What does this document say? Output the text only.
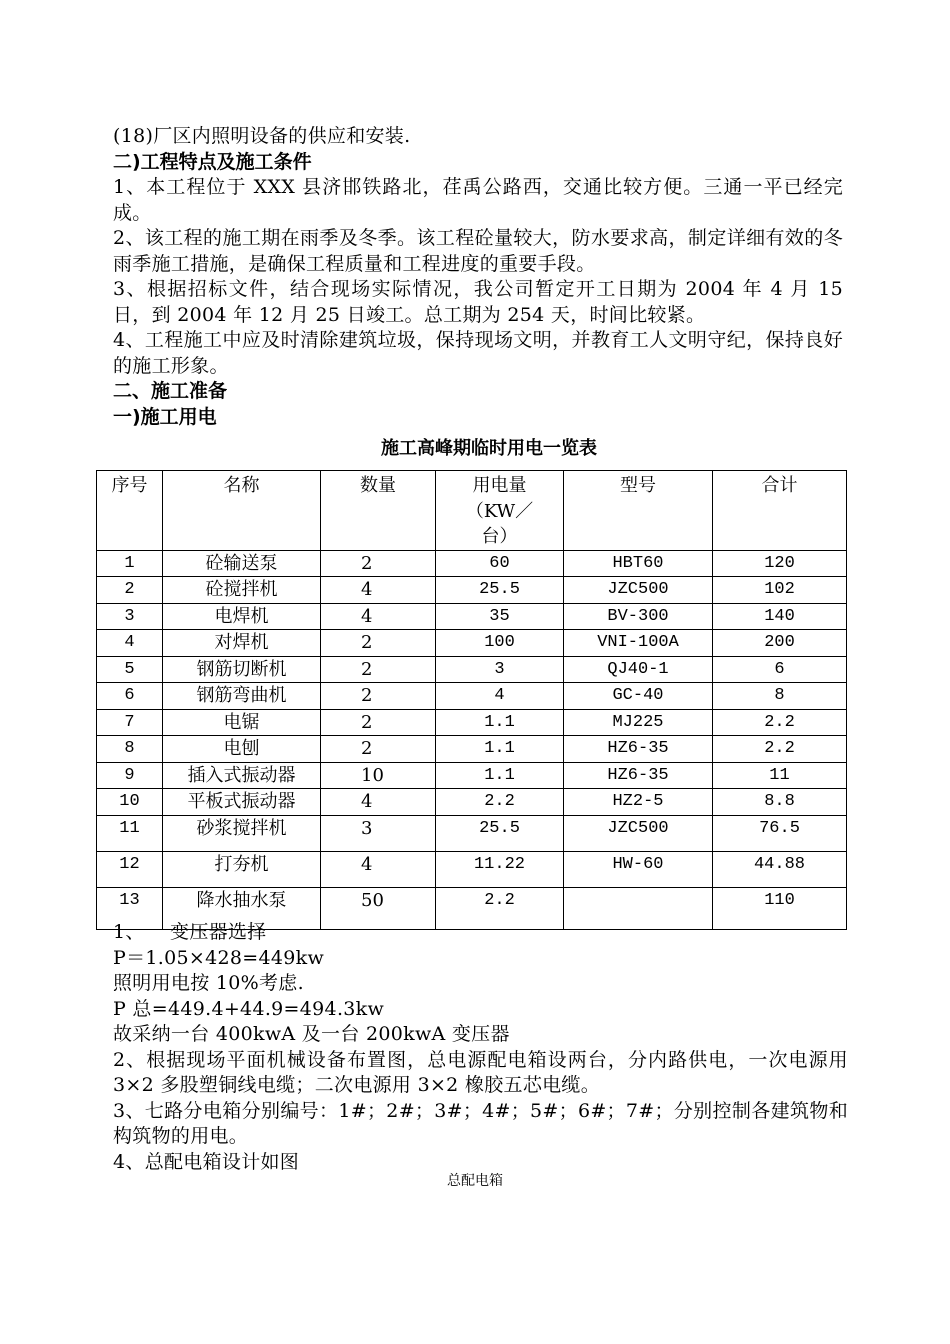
(18)厂区内照明设备的供应和安装.
二)工程特点及施工条件
1、本工程位于 XXX 县济邯铁路北，荏禹公路西，交通比较方便。三通一平已经完成。
2、该工程的施工期在雨季及冬季。该工程砼量较大，防水要求高，制定详细有效的冬雨季施工措施，是确保工程质量和工程进度的重要手段。
3、根据招标文件，结合现场实际情况，我公司暂定开工日期为 2004 年 4 月 15 日，到 2004 年 12 月 25 日竣工。总工期为 254 天，时间比较紧。
4、工程施工中应及时清除建筑垃圾，保持现场文明，并教育工人文明守纪，保持良好的施工形象。
二、施工准备
一)施工用电
施工高峰期临时用电一览表
序号	名称	数量	用电量（KW／台）	型号	合计
1	砼输送泵	2	60	HBT60	120
2	砼搅拌机	4	25.5	JZC500	102
3	电焊机	4	35	BV-300	140
4	对焊机	2	100	VNI-100A	200
5	钢筋切断机	2	3	QJ40-1	6
6	钢筋弯曲机	2	4	GC-40	8
7	电锯	2	1.1	MJ225	2.2
8	电刨	2	1.1	HZ6-35	2.2
9	插入式振动器	10	1.1	HZ6-35	11
10	平板式振动器	4	2.2	HZ2-5	8.8
11	砂浆搅拌机	3	25.5	JZC500	76.5
12	打夯机	4	11.22	HW-60	44.88
13	降水抽水泵	50	2.2		110
1、    变压器选择
P＝1.05×428=449kw
照明用电按 10%考虑.
P 总=449.4+44.9=494.3kw
故采纳一台 400kwA 及一台 200kwA 变压器
2、根据现场平面机械设备布置图，总电源配电箱设两台，分内路供电，一次电源用 3×2 多股塑铜线电缆；二次电源用 3×2 橡胶五芯电缆。
3、七路分电箱分别编号：1#；2#；3#；4#；5#；6#；7#；分别控制各建筑物和构筑物的用电。
4、总配电箱设计如图
总配电箱
